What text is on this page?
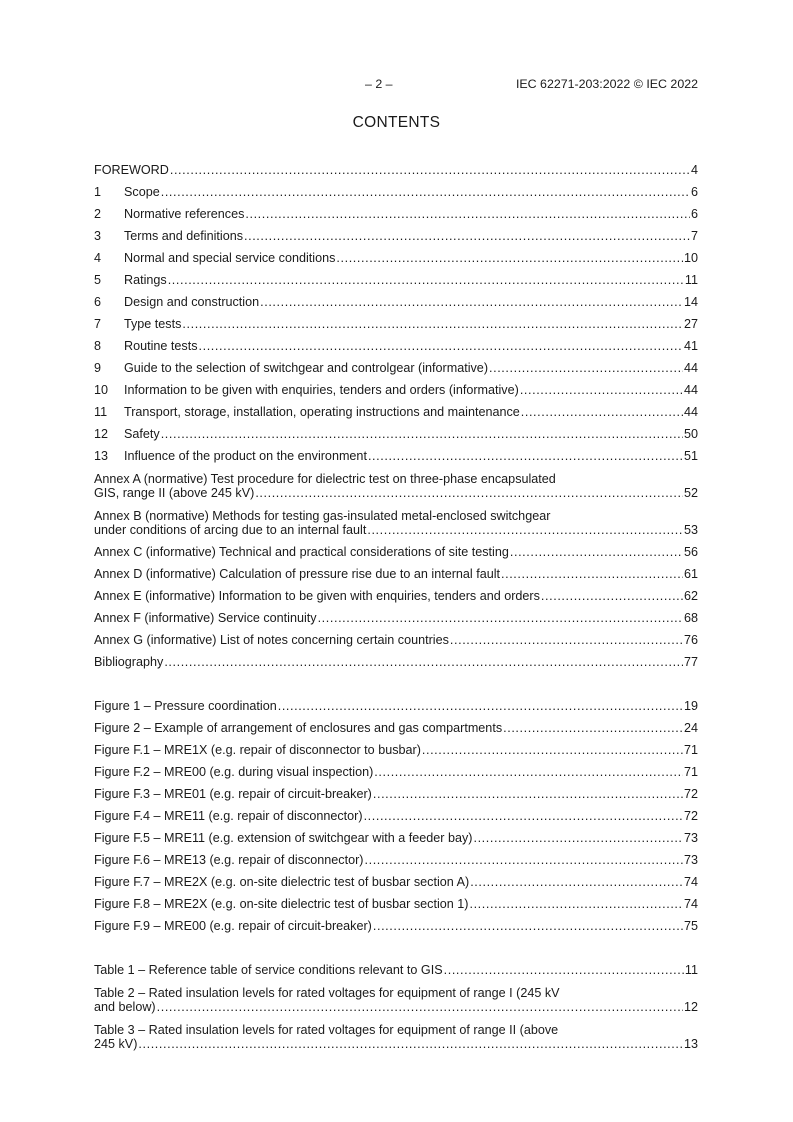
– 2 –	IEC 62271-203:2022 © IEC 2022
CONTENTS
FOREWORD .....	4
1	Scope .....	6
2	Normative references .....	6
3	Terms and definitions .....	7
4	Normal and special service conditions .....	10
5	Ratings .....	11
6	Design and construction .....	14
7	Type tests .....	27
8	Routine tests .....	41
9	Guide to the selection of switchgear and controlgear (informative) .....	44
10	Information to be given with enquiries, tenders and orders (informative) .....	44
11	Transport, storage, installation, operating instructions and maintenance .....	44
12	Safety .....	50
13	Influence of the product on the environment .....	51
Annex A (normative) Test procedure for dielectric test on three-phase encapsulated
GIS, range II (above 245 kV) .....	52
Annex B (normative) Methods for testing gas-insulated metal-enclosed switchgear
under conditions of arcing due to an internal fault .....	53
Annex C (informative) Technical and practical considerations of site testing .....	56
Annex D (informative) Calculation of pressure rise due to an internal fault .....	61
Annex E (informative) Information to be given with enquiries, tenders and orders .....	62
Annex F (informative) Service continuity .....	68
Annex G (informative) List of notes concerning certain countries .....	76
Bibliography .....	77
Figure 1 – Pressure coordination .....	19
Figure 2 – Example of arrangement of enclosures and gas compartments .....	24
Figure F.1 – MRE1X (e.g. repair of disconnector to busbar) .....	71
Figure F.2 – MRE00 (e.g. during visual inspection) .....	71
Figure F.3 – MRE01 (e.g. repair of circuit-breaker) .....	72
Figure F.4 – MRE11 (e.g. repair of disconnector) .....	72
Figure F.5 – MRE11 (e.g. extension of switchgear with a feeder bay) .....	73
Figure F.6 – MRE13 (e.g. repair of disconnector) .....	73
Figure F.7 – MRE2X (e.g. on-site dielectric test of busbar section A) .....	74
Figure F.8 – MRE2X (e.g. on-site dielectric test of busbar section 1) .....	74
Figure F.9 – MRE00 (e.g. repair of circuit-breaker) .....	75
Table 1 – Reference table of service conditions relevant to GIS .....	11
Table 2 – Rated insulation levels for rated voltages for equipment of range I (245 kV
and below) .....	12
Table 3 – Rated insulation levels for rated voltages for equipment of range II (above
245 kV) .....	13
